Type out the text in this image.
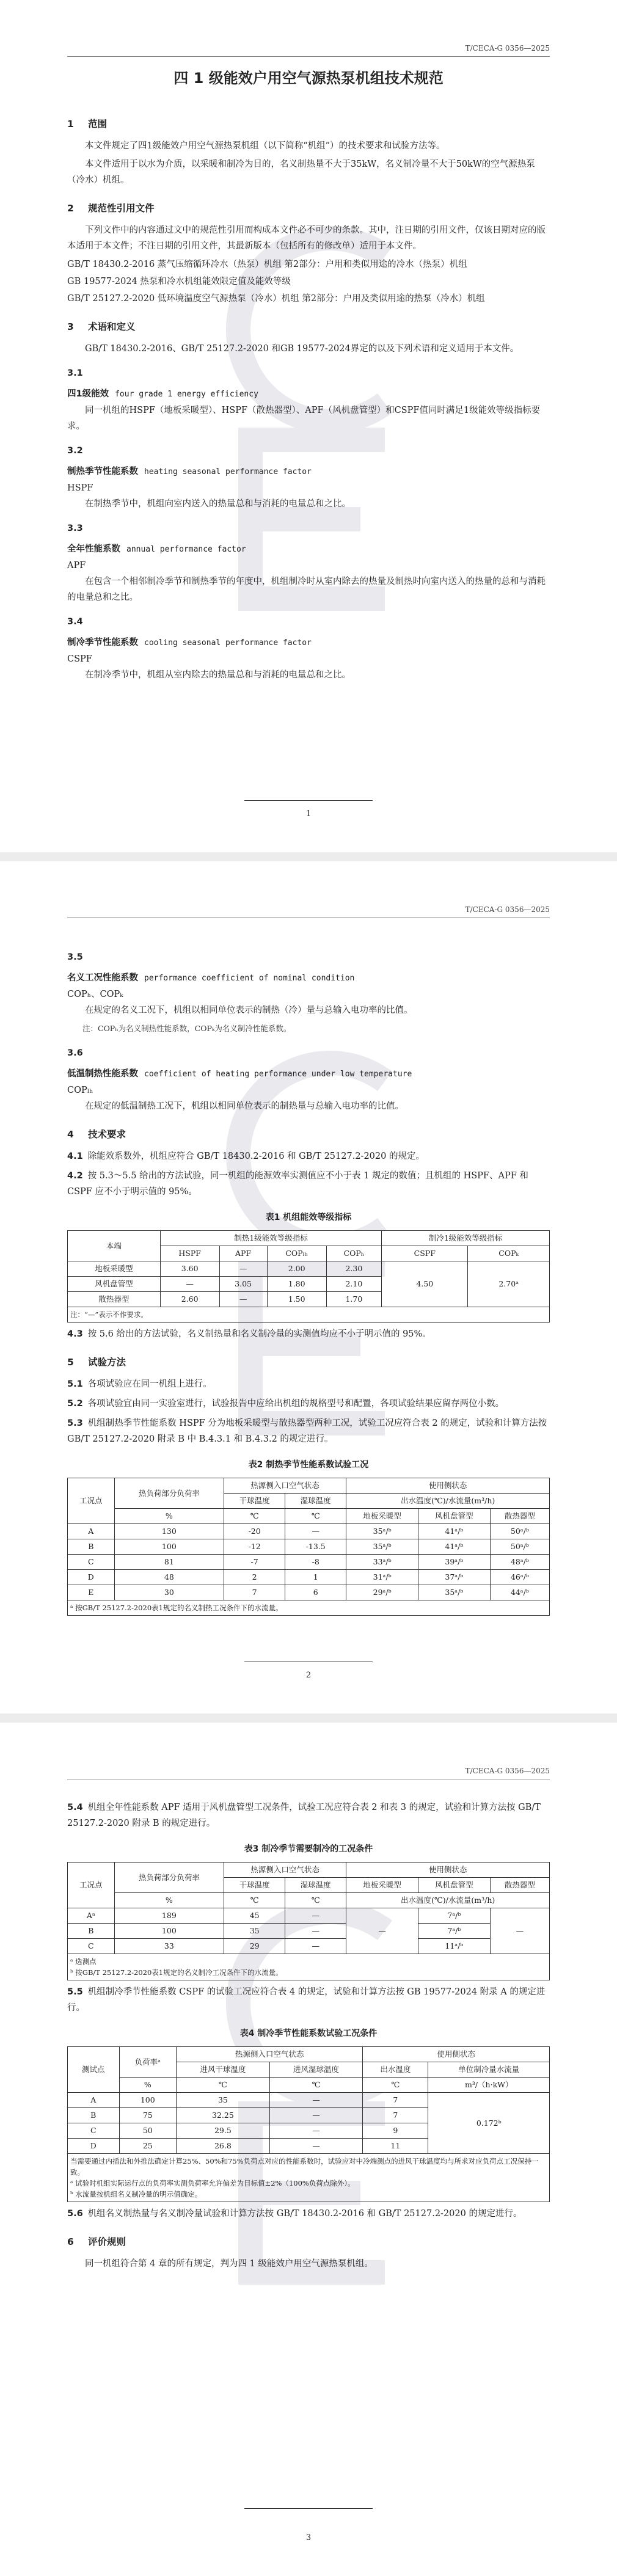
T/CECA-G 0356—2025
四 1 级能效户用空气源热泵机组技术规范
1 范围

本文件规定了四1级能效户用空气源热泵机组（以下简称“机组”）的技术要求和试验方法等。

本文件适用于以水为介质，以采暖和制冷为目的，名义制热量不大于35kW，名义制冷量不大于50kW的空气源热泵（冷水）机组。

2 规范性引用文件

下列文件中的内容通过文中的规范性引用而构成本文件必不可少的条款。其中，注日期的引用文件，仅该日期对应的版本适用于本文件；不注日期的引用文件，其最新版本（包括所有的修改单）适用于本文件。

GB/T 18430.2-2016 蒸气压缩循环冷水（热泵）机组 第2部分：户用和类似用途的冷水（热泵）机组

GB 19577-2024 热泵和冷水机组能效限定值及能效等级

GB/T 25127.2-2020 低环境温度空气源热泵（冷水）机组 第2部分：户用及类似用途的热泵（冷水）机组

3 术语和定义

GB/T 18430.2-2016、GB/T 25127.2-2020 和GB 19577-2024界定的以及下列术语和定义适用于本文件。

3.1
四1级能效 four grade 1 energy efficiency

同一机组的HSPF（地板采暖型）、HSPF（散热器型）、APF（风机盘管型）和CSPF值同时满足1级能效等级指标要求。

3.2
制热季节性能系数 heating seasonal performance factor

HSPF

在制热季节中，机组向室内送入的热量总和与消耗的电量总和之比。

3.3
全年性能系数 annual performance factor

APF

在包含一个相邻制冷季节和制热季节的年度中，机组制冷时从室内除去的热量及制热时向室内送入的热量的总和与消耗的电量总和之比。

3.4
制冷季节性能系数 cooling seasonal performance factor

CSPF

在制冷季节中，机组从室内除去的热量总和与消耗的电量总和之比。

1
T/CECA-G 0356—2025
3.5
名义工况性能系数 performance coefficient of nominal condition

COPₕ、COPₖ

在规定的名义工况下，机组以相同单位表示的制热（冷）量与总输入电功率的比值。

注：COPₕ为名义制热性能系数，COPₖ为名义制冷性能系数。

3.6
低温制热性能系数 coefficient of heating performance under low temperature

COPₗₕ

在规定的低温制热工况下，机组以相同单位表示的制热量与总输入电功率的比值。

4 技术要求

4.1 除能效系数外，机组应符合 GB/T 18430.2-2016 和 GB/T 25127.2-2020 的规定。

4.2 按 5.3～5.5 给出的方法试验，同一机组的能源效率实测值应不小于表 1 规定的数值；且机组的 HSPF、APF 和 CSPF 应不小于明示值的 95%。

表1 机组能效等级指标
本端	制热1级能效等级指标				制冷1级能效等级指标	
	HSPF	APF	COPₗₕ	COPₕ	CSPF	COPₖ
地板采暖型	3.60	—	2.00	2.30	4.50	2.70ᵃ
风机盘管型	—	3.05	1.80	2.10		
散热器型	2.60	—	1.50	1.70		
注：“—”表示不作要求。						

4.3 按 5.6 给出的方法试验，名义制热量和名义制冷量的实测值均应不小于明示值的 95%。

5 试验方法

5.1 各项试验应在同一机组上进行。

5.2 各项试验宜由同一实验室进行，试验报告中应给出机组的规格型号和配置，各项试验结果应留存两位小数。

5.3 机组制热季节性能系数 HSPF 分为地板采暖型与散热器型两种工况，试验工况应符合表 2 的规定，试验和计算方法按 GB/T 25127.2-2020 附录 B 中 B.4.3.1 和 B.4.3.2 的规定进行。

表2 制热季节性能系数试验工况
工况点	热负荷部分负荷率	热源侧入口空气状态		使用侧状态		
		干球温度	湿球温度	出水温度(℃)/水流量(m³/h)		
	%	℃	℃	地板采暖型	风机盘管型	散热器型
A	130	-20	—	35ᵃ/ᵇ	41ᵃ/ᵇ	50ᵃ/ᵇ
B	100	-12	-13.5	35ᵃ/ᵇ	41ᵃ/ᵇ	50ᵃ/ᵇ
C	81	-7	-8	33ᵃ/ᵇ	39ᵃ/ᵇ	48ᵃ/ᵇ
D	48	2	1	31ᵃ/ᵇ	37ᵃ/ᵇ	46ᵃ/ᵇ
E	30	7	6	29ᵃ/ᵇ	35ᵃ/ᵇ	44ᵃ/ᵇ
ᵃ 按GB/T 25127.2-2020表1规定的名义制热工况条件下的水流量。						
2
T/CECA-G 0356—2025

5.4 机组全年性能系数 APF 适用于风机盘管型工况条件，试验工况应符合表 2 和表 3 的规定，试验和计算方法按 GB/T 25127.2-2020 附录 B 的规定进行。

表3 制冷季节需要制冷的工况条件
工况点	热负荷部分负荷率	热源侧入口空气状态		使用侧状态		
		干球温度	湿球温度	地板采暖型	风机盘管型	散热器型
	%	℃	℃	出水温度(℃)/水流量(m³/h)		
Aᵃ	189	45	—	—	7ᵃ/ᵇ	—
B	100	35	—		7ᵃ/ᵇ	
C	33	29	—		11ᵃ/ᵇ	

ᵃ 选测点
ᵇ 按GB/T 25127.2-2020表1规定的名义制冷工况条件下的水流量。						

5.5 机组制冷季节性能系数 CSPF 的试验工况应符合表 4 的规定，试验和计算方法按 GB 19577-2024 附录 A 的规定进行。

表4 制冷季节性能系数试验工况条件
测试点	负荷率ᵃ	热源侧入口空气状态		使用侧状态	
		进风干球温度	进风湿球温度	出水温度	单位制冷量水流量
	%	℃	℃	℃	m³/（h·kW）
A	100	35	—	7	0.172ᵇ
B	75	32.25	—	7	
C	50	29.5	—	9	
D	25	26.8	—	11	

当需要通过内插法和外推法确定计算25%、50%和75%负荷点对应的性能系数时，试验应对中冷端测点的进风干球温度均与所求对应负荷点工况保持一致。
ᵃ 试验时机组实际运行点的负荷率实测负荷率允许偏差为目标值±2%（100%负荷点除外）。
ᵇ 水流量按机组名义制冷量的明示值确定。					

5.6 机组名义制热量与名义制冷量试验和计算方法按 GB/T 18430.2-2016 和 GB/T 25127.2-2020 的规定进行。

6 评价规则

同一机组符合第 4 章的所有规定，判为四 1 级能效户用空气源热泵机组。

3
